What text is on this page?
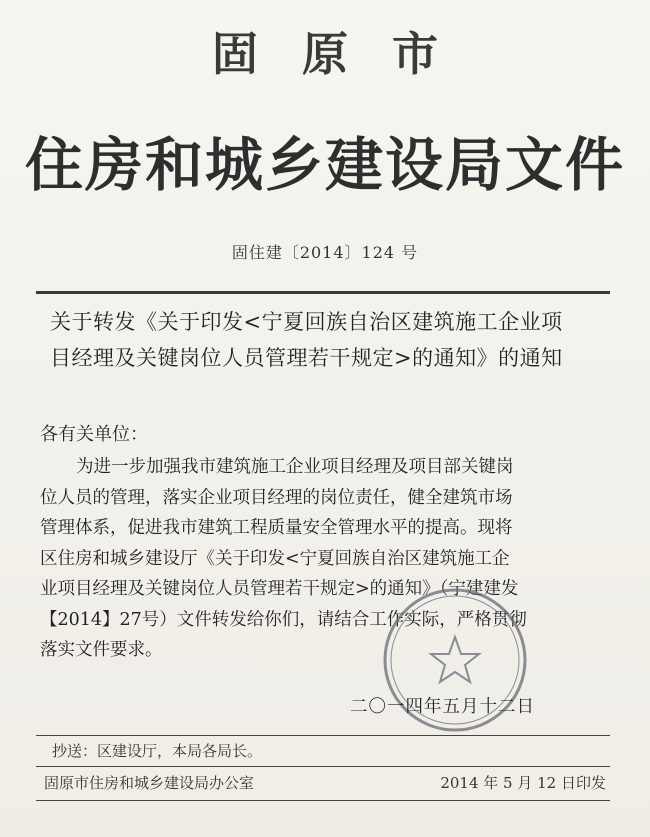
固原市
住房和城乡建设局文件
固住建〔2014〕124 号
关于转发《关于印发<宁夏回族自治区建筑施工企业项
目经理及关键岗位人员管理若干规定>的通知》的通知
各有关单位：
为进一步加强我市建筑施工企业项目经理及项目部关键岗
位人员的管理，落实企业项目经理的岗位责任，健全建筑市场
管理体系，促进我市建筑工程质量安全管理水平的提高。现将
区住房和城乡建设厅《关于印发<宁夏回族自治区建筑施工企
业项目经理及关键岗位人员管理若干规定>的通知》（宁建建发
【2014】27号）文件转发给你们，请结合工作实际，严格贯彻
落实文件要求。
二〇一四年五月十二日
抄送：区建设厅，本局各局长。
固原市住房和城乡建设局办公室	2014 年 5 月 12 日印发
